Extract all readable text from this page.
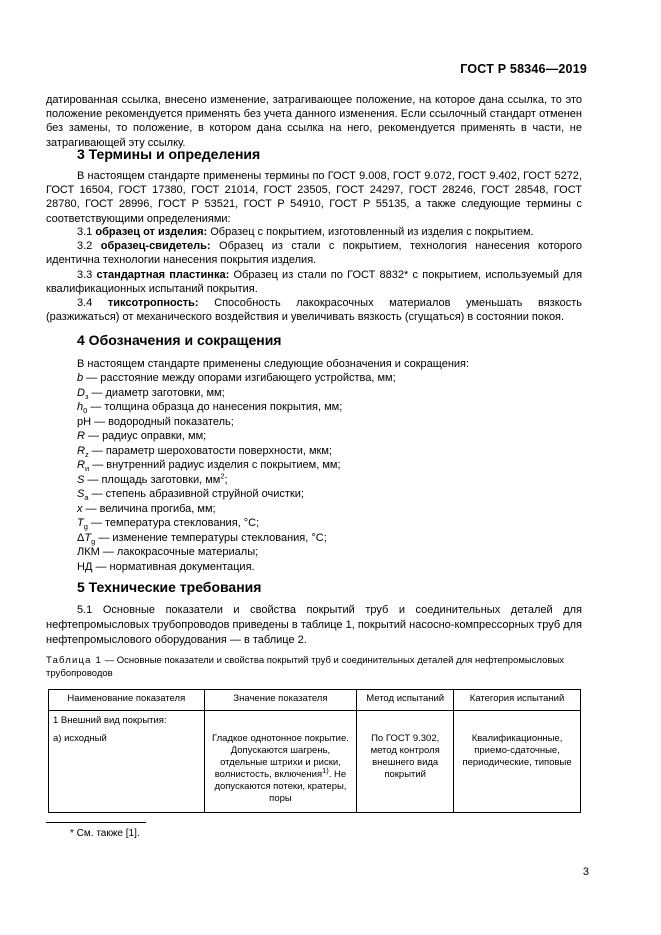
ГОСТ Р 58346—2019
датированная ссылка, внесено изменение, затрагивающее положение, на которое дана ссылка, то это положение рекомендуется применять без учета данного изменения. Если ссылочный стандарт отменен без замены, то положение, в котором дана ссылка на него, рекомендуется применять в части, не затрагивающей эту ссылку.
3 Термины и определения
В настоящем стандарте применены термины по ГОСТ 9.008, ГОСТ 9.072, ГОСТ 9.402, ГОСТ 5272, ГОСТ 16504, ГОСТ 17380, ГОСТ 21014, ГОСТ 23505, ГОСТ 24297, ГОСТ 28246, ГОСТ 28548, ГОСТ 28780, ГОСТ 28996, ГОСТ Р 53521, ГОСТ Р 54910, ГОСТ Р 55135, а также следующие термины с соответствующими определениями:
3.1 образец от изделия: Образец с покрытием, изготовленный из изделия с покрытием.
3.2 образец-свидетель: Образец из стали с покрытием, технология нанесения которого идентична технологии нанесения покрытия изделия.
3.3 стандартная пластинка: Образец из стали по ГОСТ 8832* с покрытием, используемый для квалификационных испытаний покрытия.
3.4 тиксотропность: Способность лакокрасочных материалов уменьшать вязкость (разжижаться) от механического воздействия и увеличивать вязкость (сгущаться) в состоянии покоя.
4 Обозначения и сокращения
В настоящем стандарте применены следующие обозначения и сокращения:
b — расстояние между опорами изгибающего устройства, мм;
$D_з$ — диаметр заготовки, мм;
$h_0$ — толщина образца до нанесения покрытия, мм;
рН — водородный показатель;
R — радиус оправки, мм;
$R_z$ — параметр шероховатости поверхности, мкм;
$R_и$ — внутренний радиус изделия с покрытием, мм;
S — площадь заготовки, $мм^2$;
$S_a$ — степень абразивной струйной очистки;
x — величина прогиба, мм;
$T_g$ — температура стеклования, °С;
$\Delta T_g$ — изменение температуры стеклования, °С;
ЛКМ — лакокрасочные материалы;
НД — нормативная документация.
5 Технические требования
5.1 Основные показатели и свойства покрытий труб и соединительных деталей для нефтепромысловых трубопроводов приведены в таблице 1, покрытий насосно-компрессорных труб для нефтепромыслового оборудования — в таблице 2.
Таблица 1 — Основные показатели и свойства покрытий труб и соединительных деталей для нефтепромысловых трубопроводов
Наименование показателя	Значение показателя	Метод испытаний	Категория испытаний

1 Внешний вид покрытия:
а) исходный	Гладкое однотонное покрытие. Допускаются шагрень, отдельные штрихи и риски, волнистость, включения$^{1)}$. Не допускаются потеки, кратеры, поры	По ГОСТ 9.302, метод контроля внешнего вида покрытий	Квалификационные, приемо-сдаточные, периодические, типовые
* См. также [1].
3
